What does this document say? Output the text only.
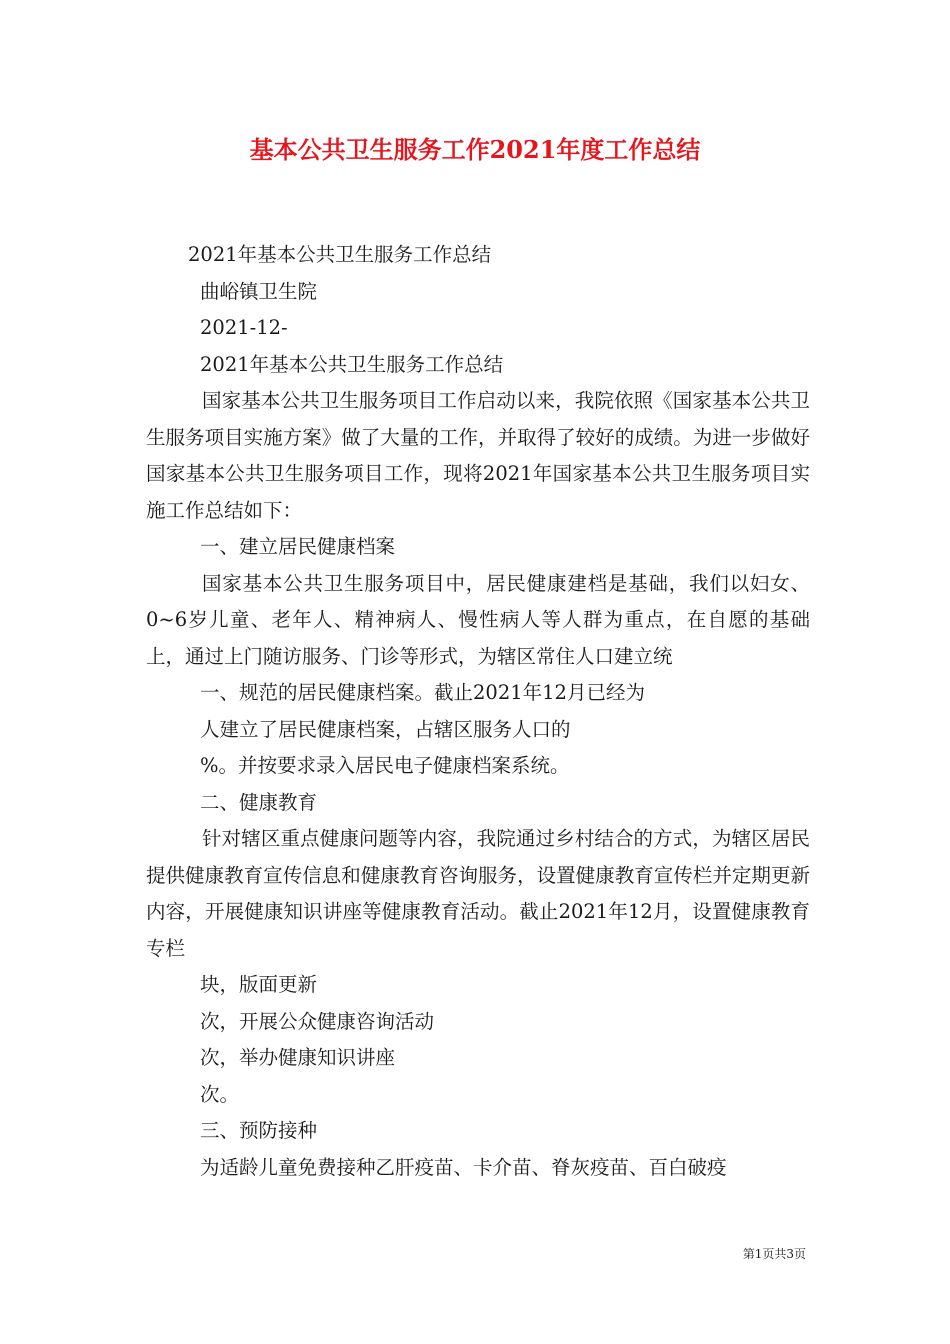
基本公共卫生服务工作2021年度工作总结

2021年基本公共卫生服务工作总结

曲峪镇卫生院

2021-12-

2021年基本公共卫生服务工作总结

国家基本公共卫生服务项目工作启动以来，我院依照《国家基本公共卫生服务项目实施方案》做了大量的工作，并取得了较好的成绩。为进一步做好国家基本公共卫生服务项目工作，现将2021年国家基本公共卫生服务项目实施工作总结如下：

一、建立居民健康档案

国家基本公共卫生服务项目中，居民健康建档是基础，我们以妇女、0~6岁儿童、老年人、精神病人、慢性病人等人群为重点，在自愿的基础上，通过上门随访服务、门诊等形式，为辖区常住人口建立统

一、规范的居民健康档案。截止2021年12月已经为

人建立了居民健康档案，占辖区服务人口的

%。并按要求录入居民电子健康档案系统。

二、健康教育

针对辖区重点健康问题等内容，我院通过乡村结合的方式，为辖区居民提供健康教育宣传信息和健康教育咨询服务，设置健康教育宣传栏并定期更新内容，开展健康知识讲座等健康教育活动。截止2021年12月，设置健康教育专栏

块，版面更新

次，开展公众健康咨询活动

次，举办健康知识讲座

次。

三、预防接种

为适龄儿童免费接种乙肝疫苗、卡介苗、脊灰疫苗、百白破疫

第1页共3页
